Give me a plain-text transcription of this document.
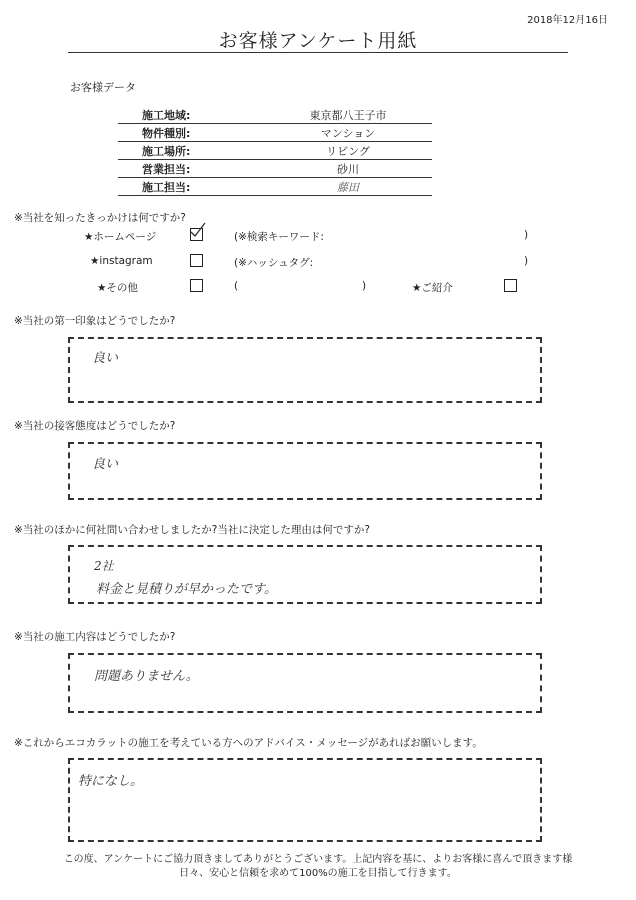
2018年12月16日
お客様アンケート用紙
お客様データ
施工地域:	東京都八王子市
物件種別:	マンション
施工場所:	リビング
営業担当:	砂川
施工担当:	藤田
※当社を知ったきっかけは何ですか?
★ホームページ	(※検索キーワード:	)
★instagram	(※ハッシュタグ:	)
★その他	(	)	★ご紹介
※当社の第一印象はどうでしたか?
良い
※当社の接客態度はどうでしたか?
良い
※当社のほかに何社問い合わせしましたか?当社に決定した理由は何ですか?
2社
料金と見積りが早かったです。
※当社の施工内容はどうでしたか?
問題ありません。
※これからエコカラットの施工を考えている方へのアドバイス・メッセージがあればお願いします。
特になし。
この度、アンケートにご協力頂きましてありがとうございます。上記内容を基に、よりお客様に喜んで頂きます様
日々、安心と信頼を求めて100%の施工を目指して行きます。
